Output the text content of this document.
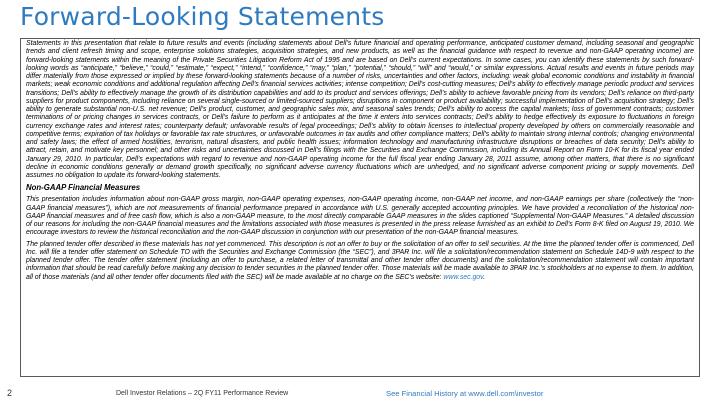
Forward-Looking Statements

Statements in this presentation that relate to future results and events (including statements about Dell’s future financial and operating performance, anticipated customer demand, including seasonal and geographic trends and client refresh timing and scope, enterprise solutions strategies, acquisition strategies, and new products, as well as the financial guidance with respect to revenue and non-GAAP operating income) are forward-looking statements within the meaning of the Private Securities Litigation Reform Act of 1995 and are based on Dell’s current expectations. In some cases, you can identify these statements by such forward-looking words as “anticipate,” “believe,” “could,” “estimate,” “expect,” “intend,” “confidence,” “may,” “plan,” “potential,” “should,” “will” and “would,” or similar expressions. Actual results and events in future periods may differ materially from those expressed or implied by these forward-looking statements because of a number of risks, uncertainties and other factors, including: weak global economic conditions and instability in financial markets; weak economic conditions and additional regulation affecting Dell’s financial services activities; intense competition; Dell’s cost-cutting measures; Dell’s ability to effectively manage periodic product and services transitions; Dell’s ability to effectively manage the growth of its distribution capabilities and add to its product and services offerings; Dell’s ability to achieve favorable pricing from its vendors; Dell’s reliance on third-party suppliers for product components, including reliance on several single-sourced or limited-sourced suppliers; disruptions in component or product availability; successful implementation of Dell’s acquisition strategy; Dell’s ability to generate substantial non-U.S. net revenue; Dell’s product, customer, and geographic sales mix, and seasonal sales trends; Dell’s ability to access the capital markets; loss of government contracts; customer terminations of or pricing changes in services contracts, or Dell’s failure to perform as it anticipates at the time it enters into services contracts; Dell’s ability to hedge effectively its exposure to fluctuations in foreign currency exchange rates and interest rates; counterparty default; unfavorable results of legal proceedings; Dell’s ability to obtain licenses to intellectual property developed by others on commercially reasonable and competitive terms; expiration of tax holidays or favorable tax rate structures, or unfavorable outcomes in tax audits and other compliance matters; Dell’s ability to maintain strong internal controls; changing environmental and safety laws; the effect of armed hostilities, terrorism, natural disasters, and public health issues; information technology and manufacturing infrastructure disruptions or breaches of data security; Dell’s ability to attract, retain, and motivate key personnel; and other risks and uncertainties discussed in Dell’s filings with the Securities and Exchange Commission, including its Annual Report on Form 10-K for its fiscal year ended January 29, 2010. In particular, Dell’s expectations with regard to revenue and non-GAAP operating income for the full fiscal year ending January 28, 2011 assume, among other matters, that there is no significant decline in economic conditions generally or demand growth specifically, no significant adverse currency fluctuations which are unhedged, and no significant adverse component pricing or supply movements. Dell assumes no obligation to update its forward-looking statements.

Non-GAAP Financial Measures

This presentation includes information about non-GAAP gross margin, non-GAAP operating expenses, non-GAAP operating income, non-GAAP net income, and non-GAAP earnings per share (collectively the “non-GAAP financial measures”), which are not measurements of financial performance prepared in accordance with U.S. generally accepted accounting principles. We have provided a reconciliation of the historical non-GAAP financial measures and of free cash flow, which is also a non-GAAP measure, to the most directly comparable GAAP measures in the slides captioned “Supplemental Non-GAAP Measures.” A detailed discussion of our reasons for including the non-GAAP financial measures and the limitations associated with those measures is presented in the press release furnished as an exhibit to Dell’s Form 8-K filed on August 19, 2010. We encourage investors to review the historical reconciliation and the non-GAAP discussion in conjunction with our presentation of the non-GAAP financial measures.

The planned tender offer described in these materials has not yet commenced. This description is not an offer to buy or the solicitation of an offer to sell securities. At the time the planned tender offer is commenced, Dell Inc. will file a tender offer statement on Schedule TO with the Securities and Exchange Commission (the “SEC”), and 3PAR Inc. will file a solicitation/recommendation statement on Schedule 14D-9 with respect to the planned tender offer. The tender offer statement (including an offer to purchase, a related letter of transmittal and other tender offer documents) and the solicitation/recommendation statement will contain important information that should be read carefully before making any decision to tender securities in the planned tender offer. Those materials will be made available to 3PAR Inc.’s stockholders at no expense to them. In addition, all of those materials (and all other tender offer documents filed with the SEC) will be made available at no charge on the SEC’s website: www.sec.gov.

2	Dell Investor Relations – 2Q FY11 Performance Review	See Financial History at www.dell.com\investor
